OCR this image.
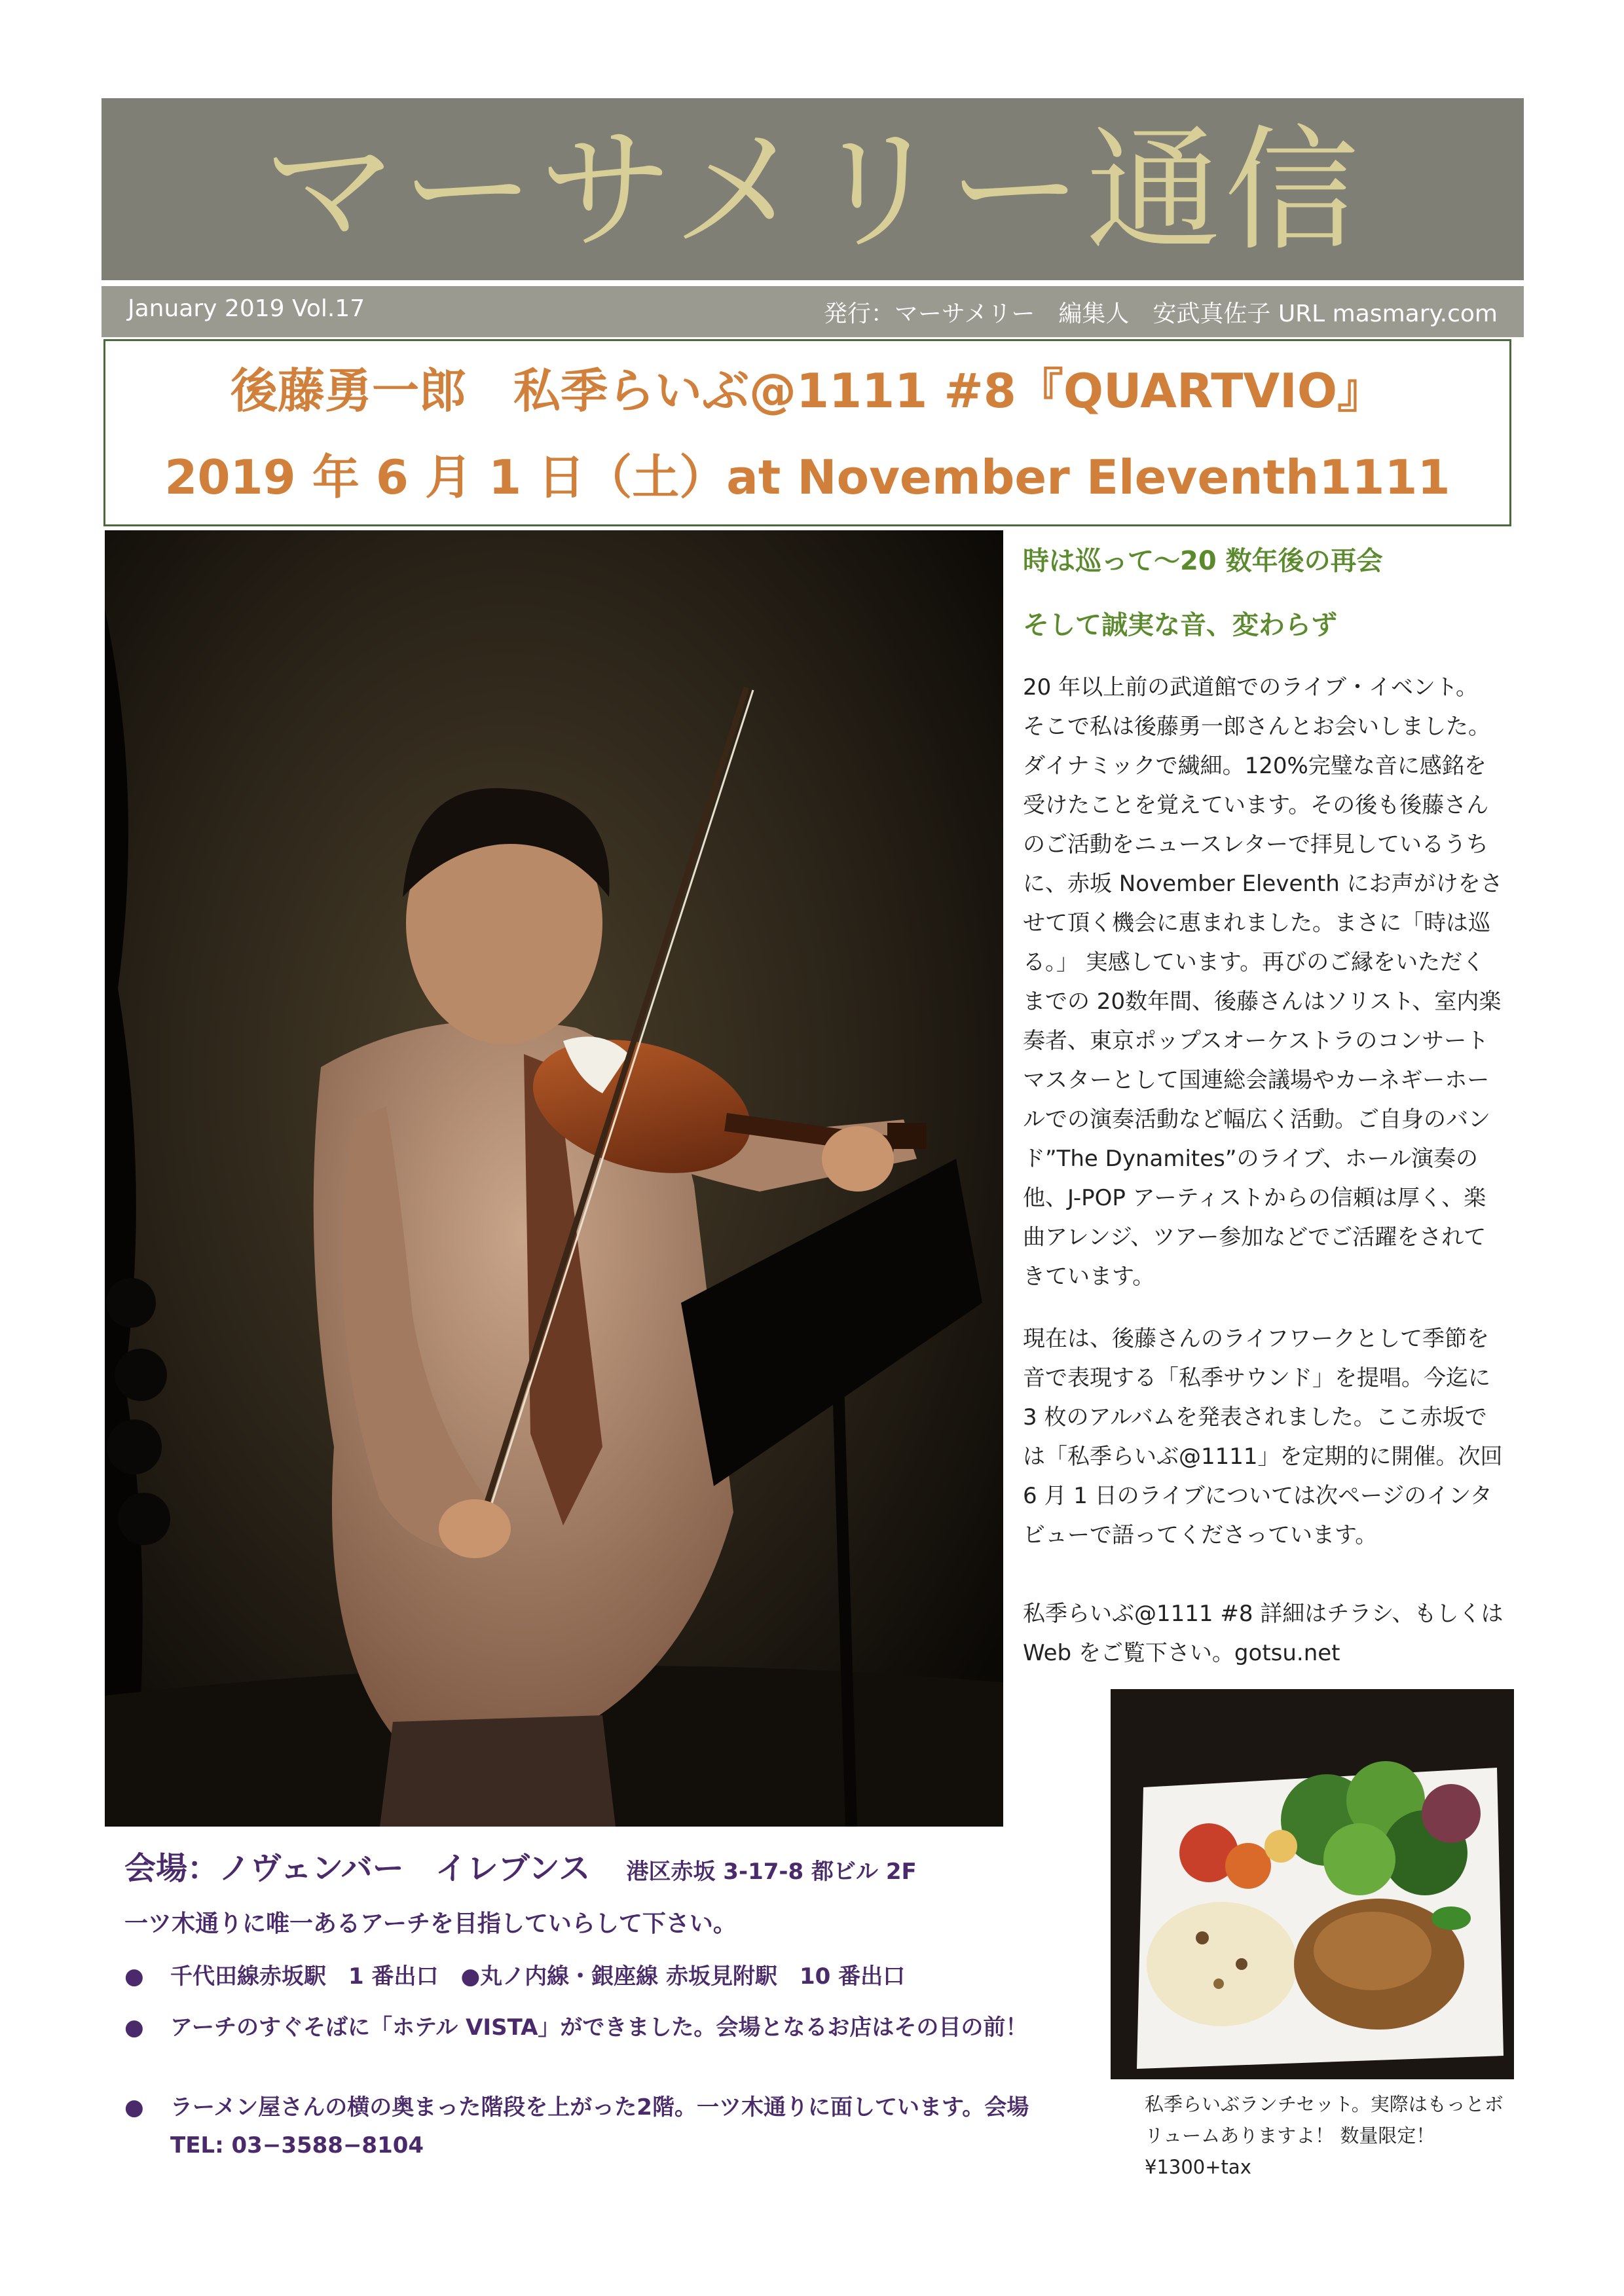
マーサメリー通信
January 2019 Vol.17	発行：マーサメリー　編集人　安武真佐子 URL masmary.com
後藤勇一郎　私季らいぶ@1111 #8『QUARTVIO』
2019 年 6 月 1 日（土）at November Eleventh1111
時は巡って～20 数年後の再会
そして誠実な音、変わらず
20 年以上前の武道館でのライブ・イベント。 そこで私は後藤勇一郎さんとお会いしました。ダイナミックで繊細。120%完璧な音に感銘を受けたことを覚えています。その後も後藤さんのご活動をニュースレターで拝見しているうちに、赤坂 November Eleventh にお声がけをさせて頂く機会に恵まれました。まさに「時は巡る。」 実感しています。再びのご縁をいただくまでの 20数年間、後藤さんはソリスト、室内楽奏者、東京ポップスオーケストラのコンサートマスターとして国連総会議場やカーネギーホールでの演奏活動など幅広く活動。ご自身のバンド”The Dynamites”のライブ、ホール演奏の他、J-POP アーティストからの信頼は厚く、楽曲アレンジ、ツアー参加などでご活躍をされてきています。
現在は、後藤さんのライフワークとして季節を音で表現する「私季サウンド」を提唱。今迄に 3 枚のアルバムを発表されました。ここ赤坂では「私季らいぶ@1111」を定期的に開催。次回 6 月 1 日のライブについては次ページのインタビューで語ってくださっています。
私季らいぶ@1111 #8 詳細はチラシ、もしくは Web をご覧下さい。gotsu.net
私季らいぶランチセット。実際はもっとボリュームありますよ！ 数量限定！¥1300+tax
会場：ノヴェンバー　イレブンス 港区赤坂 3-17-8 都ビル 2F
一ツ木通りに唯一あるアーチを目指していらして下さい。
● 千代田線赤坂駅　1 番出口　●丸ノ内線・銀座線 赤坂見附駅　10 番出口
● アーチのすぐそばに「ホテル VISTA」ができました。会場となるお店はその目の前！
● ラーメン屋さんの横の奥まった階段を上がった2階。一ツ木通りに面しています。会場 TEL: 03−3588−8104
